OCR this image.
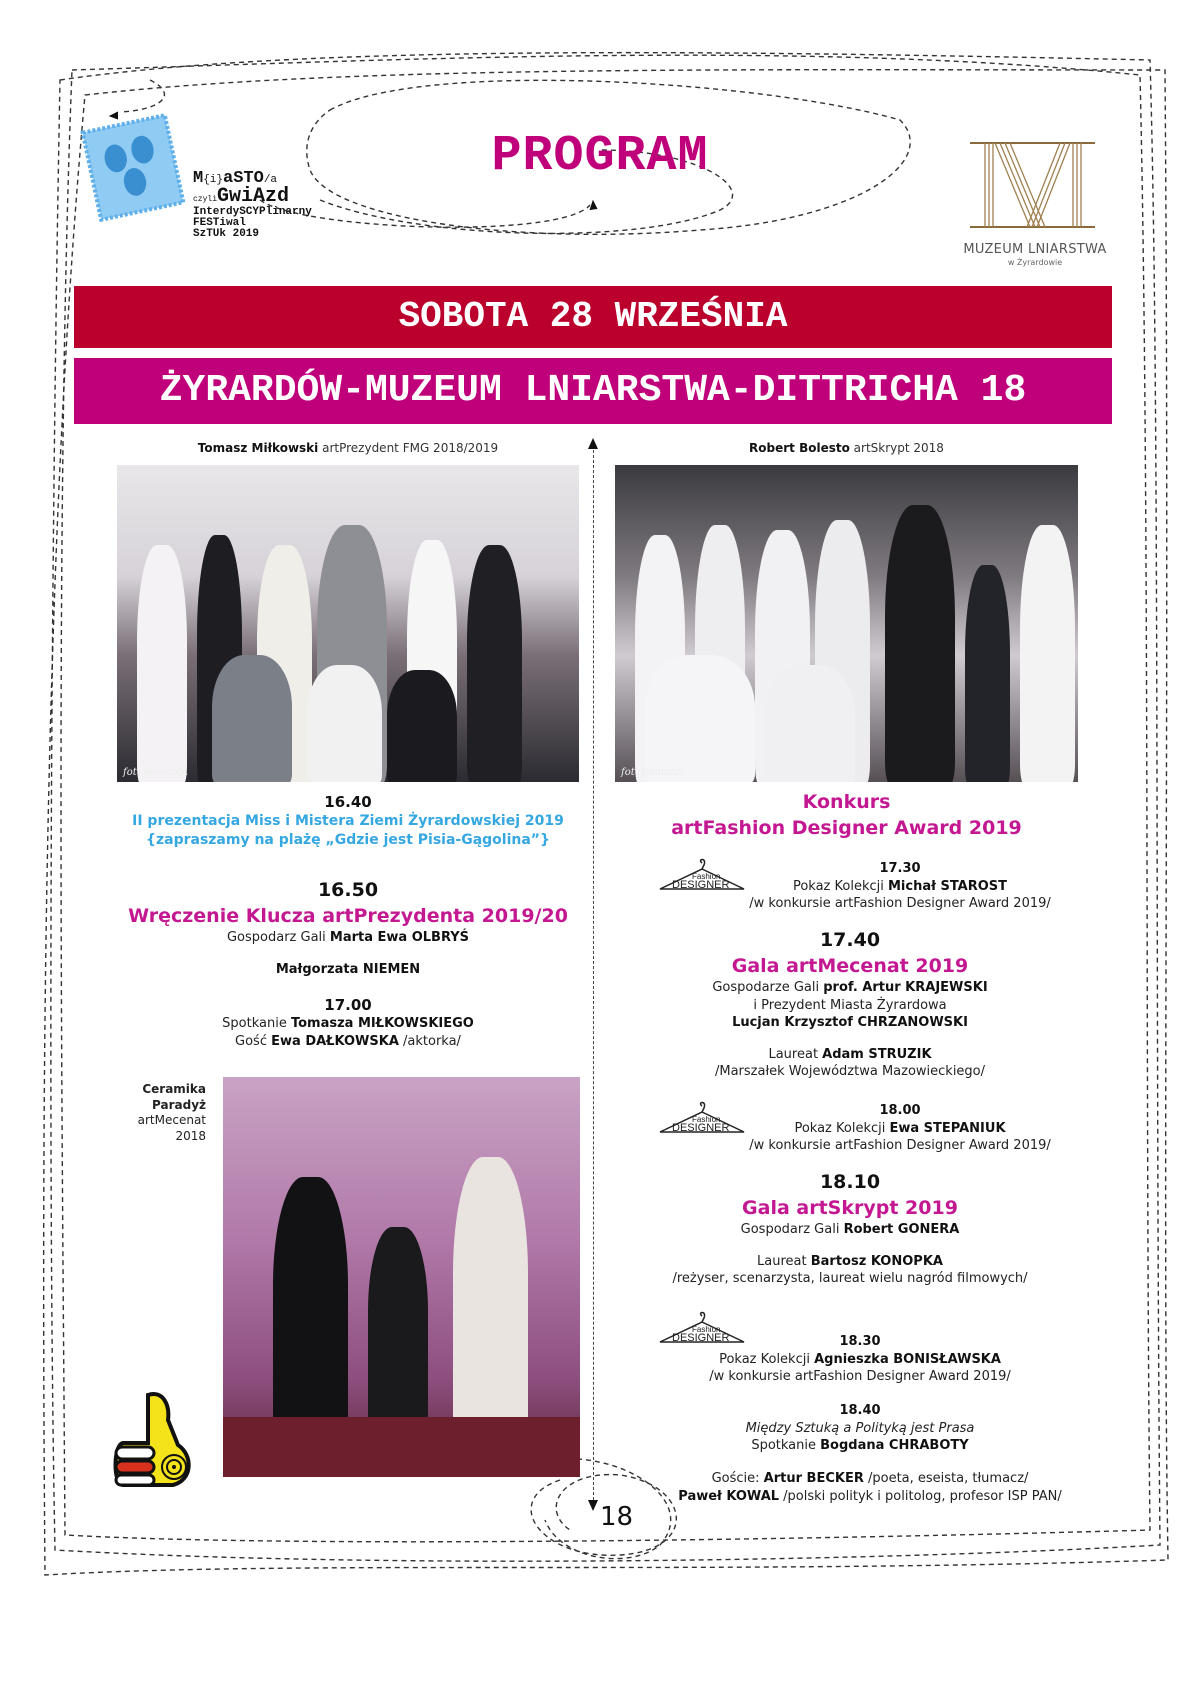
M{i}aSTO/a
czyliGwiAzd
InterdySCYPlinarny
FESTiwal
SzTUk 2019
PROGRAM
MUZEUM LNIARSTWA
w Żyrardowie
SOBOTA 28 WRZEŚNIA
ŻYRARDÓW-MUZEUM LNIARSTWA-DITTRICHA 18
Tomasz Miłkowski artPrezydent FMG 2018/2019
fot. RomanS.
16.40
II prezentacja Miss i Mistera Ziemi Żyrardowskiej 2019
{zapraszamy na plażę „Gdzie jest Pisia-Gągolina”}
16.50
Wręczenie Klucza artPrezydenta 2019/20
Gospodarz Gali Marta Ewa OLBRYŚ
Małgorzata NIEMEN
17.00
Spotkanie Tomasza MIŁKOWSKIEGO
Gość Ewa DAŁKOWSKA /aktorka/
Ceramika
Paradyż
artMecenat
2018
Robert Bolesto artSkrypt 2018
fot. RomanS.
Konkurs
artFashion Designer Award 2019
DESIGNER
Fashion
DESIGNER
Fashion
DESIGNER
Fashion
17.30
Pokaz Kolekcji Michał STAROST
/w konkursie artFashion Designer Award 2019/
17.40
Gala artMecenat 2019
Gospodarze Gali prof. Artur KRAJEWSKI
i Prezydent Miasta Żyrardowa
Lucjan Krzysztof CHRZANOWSKI
Laureat Adam STRUZIK
/Marszałek Województwa Mazowieckiego/
18.00
Pokaz Kolekcji Ewa STEPANIUK
/w konkursie artFashion Designer Award 2019/
18.10
Gala artSkrypt 2019
Gospodarz Gali Robert GONERA
Laureat Bartosz KONOPKA
/reżyser, scenarzysta, laureat wielu nagród filmowych/
18.30
Pokaz Kolekcji Agnieszka BONISŁAWSKA
/w konkursie artFashion Designer Award 2019/
18.40
Między Sztuką a Polityką jest Prasa
Spotkanie Bogdana CHRABOTY
Goście: Artur BECKER /poeta, eseista, tłumacz/
Paweł KOWAL /polski polityk i politolog, profesor ISP PAN/
18
